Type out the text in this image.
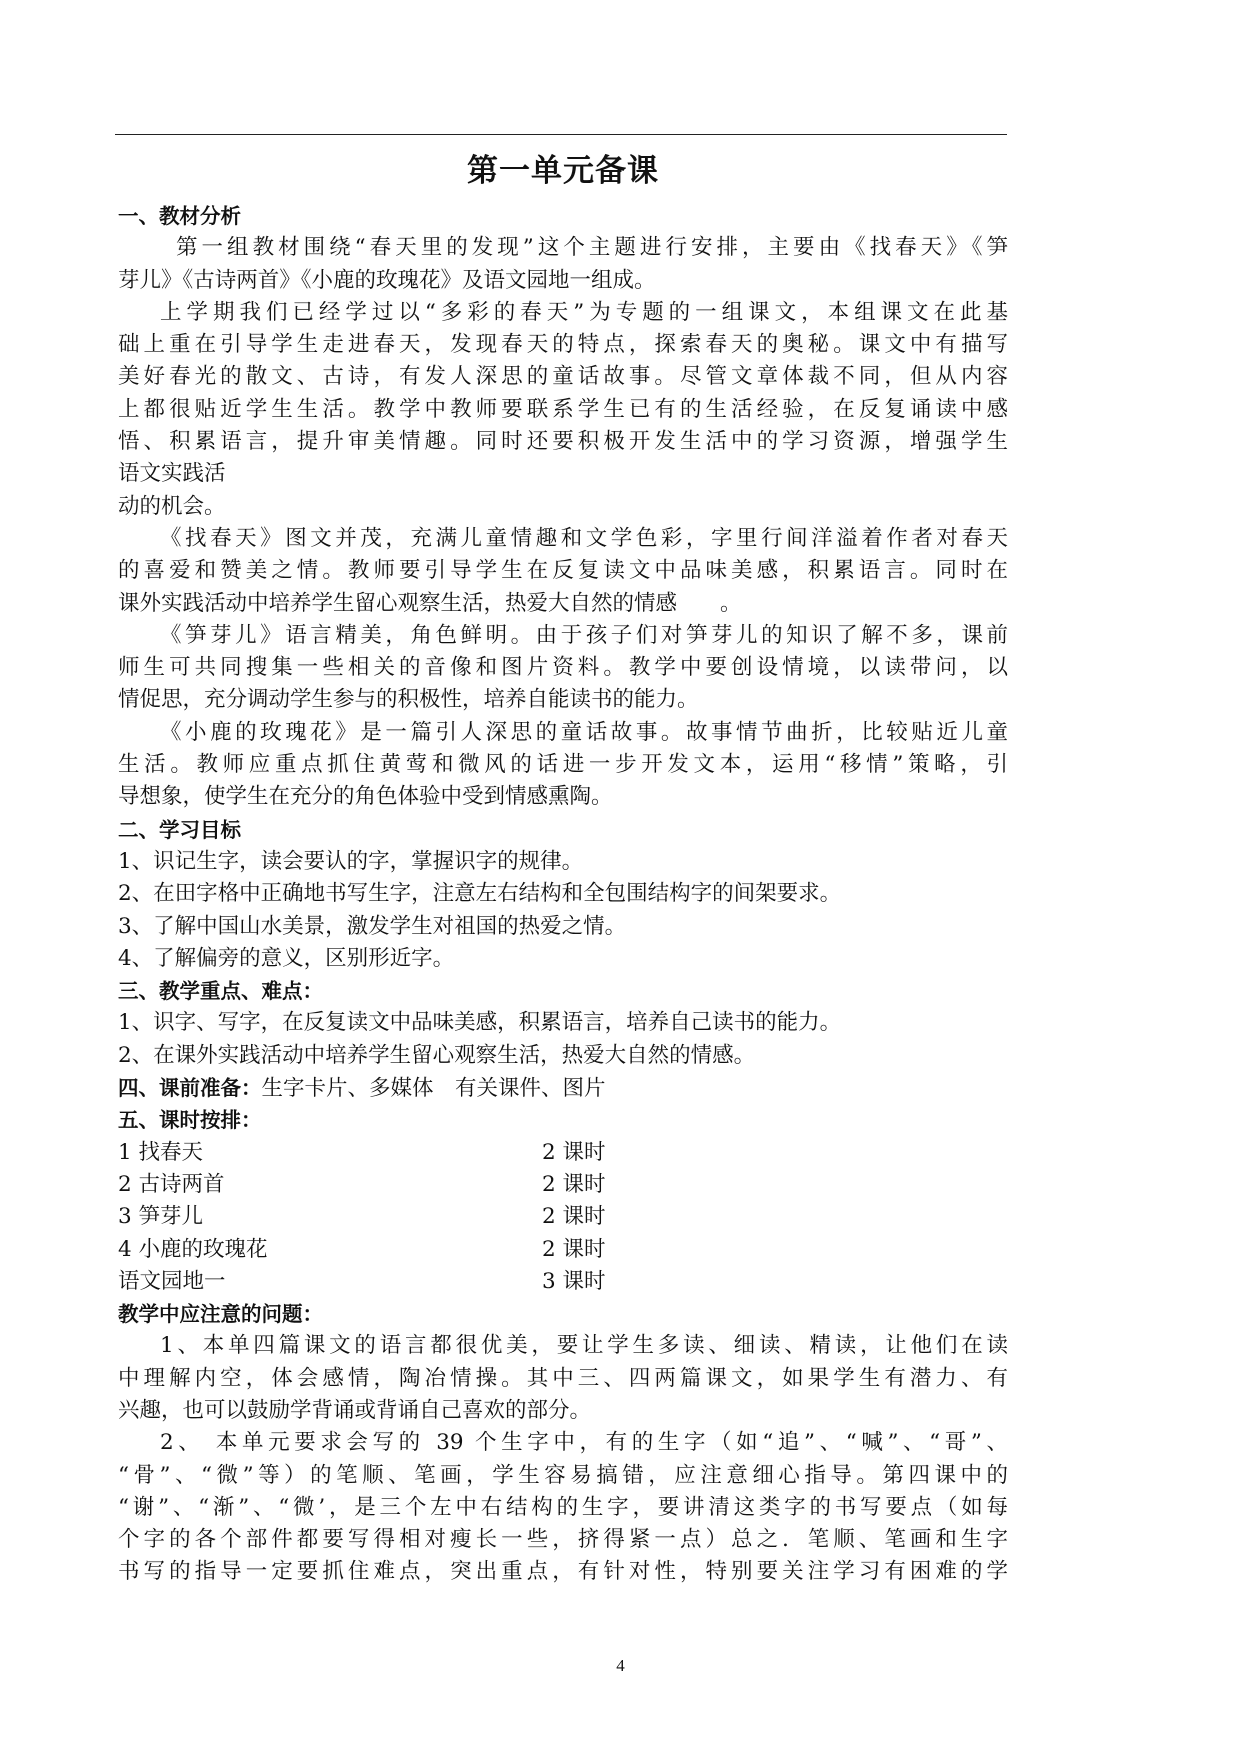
第一单元备课
一、教材分析
第一组教材围绕“春天里的发现”这个主题进行安排，主要由《找春天》《笋
芽儿》《古诗两首》《小鹿的玫瑰花》及语文园地一组成。
上学期我们已经学过以“多彩的春天”为专题的一组课文，本组课文在此基
础上重在引导学生走进春天，发现春天的特点，探索春天的奥秘。课文中有描写
美好春光的散文、古诗，有发人深思的童话故事。尽管文章体裁不同，但从内容
上都很贴近学生生活。教学中教师要联系学生已有的生活经验，在反复诵读中感
悟、积累语言，提升审美情趣。同时还要积极开发生活中的学习资源，增强学生
语文实践活
动的机会。
《找春天》图文并茂，充满儿童情趣和文学色彩，字里行间洋溢着作者对春天
的喜爱和赞美之情。教师要引导学生在反复读文中品味美感，积累语言。同时在
课外实践活动中培养学生留心观察生活，热爱大自然的情感　　。
《笋芽儿》语言精美，角色鲜明。由于孩子们对笋芽儿的知识了解不多，课前
师生可共同搜集一些相关的音像和图片资料。教学中要创设情境，以读带问，以
情促思，充分调动学生参与的积极性，培养自能读书的能力。
《小鹿的玫瑰花》是一篇引人深思的童话故事。故事情节曲折，比较贴近儿童
生活。教师应重点抓住黄莺和微风的话进一步开发文本，运用“移情”策略，引
导想象，使学生在充分的角色体验中受到情感熏陶。
二、学习目标
1、识记生字，读会要认的字，掌握识字的规律。
2、在田字格中正确地书写生字，注意左右结构和全包围结构字的间架要求。
3、了解中国山水美景，激发学生对祖国的热爱之情。
4、了解偏旁的意义，区别形近字。
三、教学重点、难点：
1、识字、写字，在反复读文中品味美感，积累语言，培养自己读书的能力。
2、在课外实践活动中培养学生留心观察生活，热爱大自然的情感。
四、课前准备：生字卡片、多媒体　有关课件、图片
五、课时按排：
1 找春天	2 课时
2 古诗两首	2 课时
3 笋芽儿	2 课时
4 小鹿的玫瑰花	2 课时
语文园地一	3 课时
教学中应注意的问题：
1、本单四篇课文的语言都很优美，要让学生多读、细读、精读，让他们在读
中理解内空，体会感情，陶冶情操。其中三、四两篇课文，如果学生有潜力、有
兴趣，也可以鼓励学背诵或背诵自己喜欢的部分。
2、 本单元要求会写的 39 个生字中，有的生字（如“追”、“喊”、“哥”、
“骨”、“微”等）的笔顺、笔画，学生容易搞错，应注意细心指导。第四课中的
“谢”、“渐”、“微’，是三个左中右结构的生字，要讲清这类字的书写要点（如每
个字的各个部件都要写得相对瘦长一些，挤得紧一点）总之．笔顺、笔画和生字
书写的指导一定要抓住难点，突出重点，有针对性，特别要关注学习有困难的学
4
